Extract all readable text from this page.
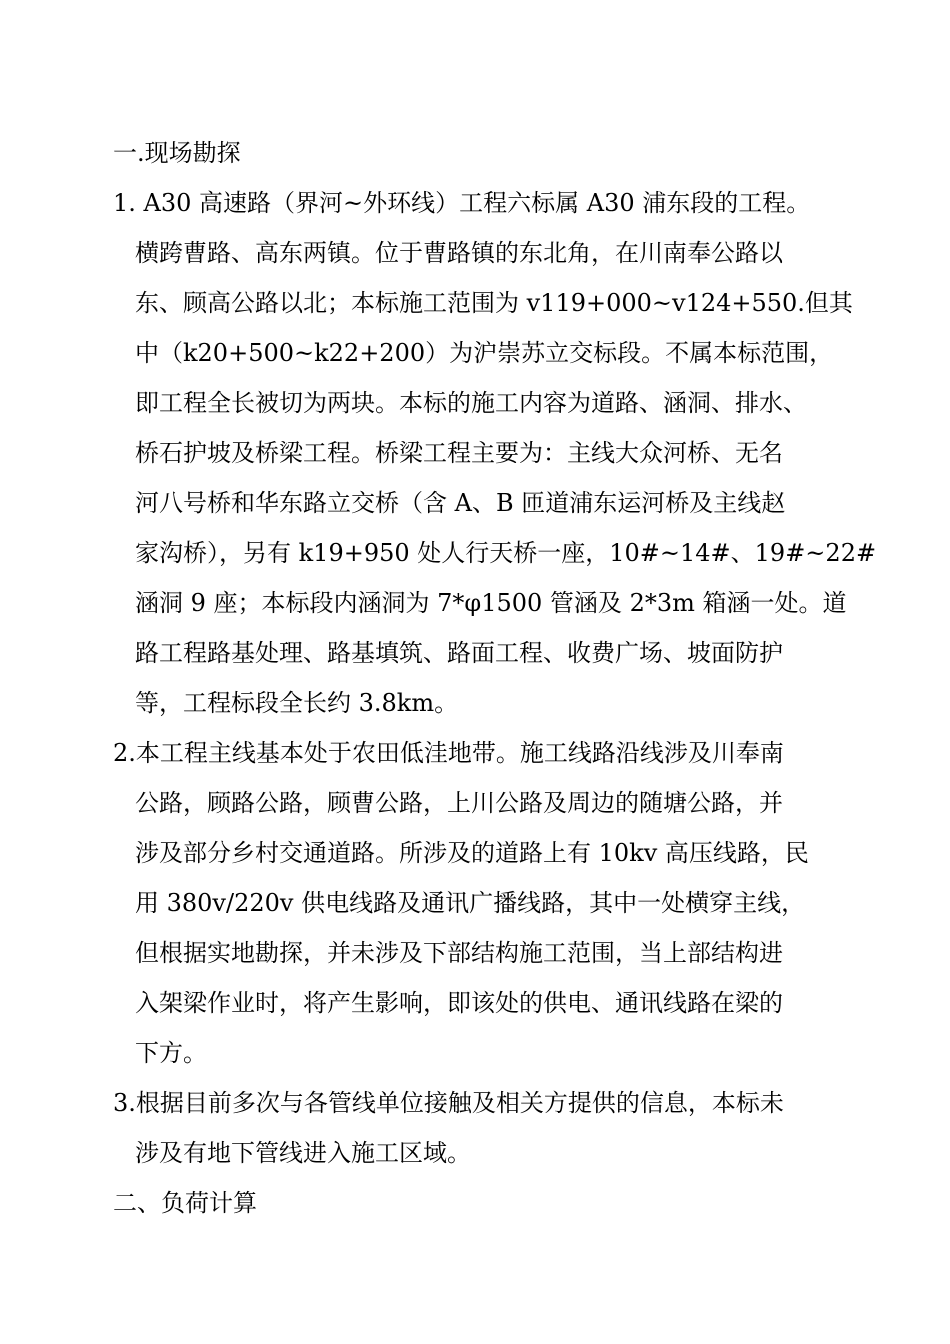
一.现场勘探
1. A30 高速路（界河~外环线）工程六标属 A30 浦东段的工程。
横跨曹路、高东两镇。位于曹路镇的东北角，在川南奉公路以
东、顾高公路以北；本标施工范围为 v119+000~v124+550.但其
中（k20+500~k22+200）为沪崇苏立交标段。不属本标范围，
即工程全长被切为两块。本标的施工内容为道路、涵洞、排水、
桥石护坡及桥梁工程。桥梁工程主要为：主线大众河桥、无名
河八号桥和华东路立交桥（含 A、B 匝道浦东运河桥及主线赵
家沟桥），另有 k19+950 处人行天桥一座，10#~14#、19#~22#
涵洞 9 座；本标段内涵洞为 7*φ1500 管涵及 2*3m 箱涵一处。道
路工程路基处理、路基填筑、路面工程、收费广场、坡面防护
等，工程标段全长约 3.8km。
2.本工程主线基本处于农田低洼地带。施工线路沿线涉及川奉南
公路，顾路公路，顾曹公路，上川公路及周边的随塘公路，并
涉及部分乡村交通道路。所涉及的道路上有 10kv 高压线路，民
用 380v/220v 供电线路及通讯广播线路，其中一处横穿主线，
但根据实地勘探，并未涉及下部结构施工范围，当上部结构进
入架梁作业时，将产生影响，即该处的供电、通讯线路在梁的
下方。
3.根据目前多次与各管线单位接触及相关方提供的信息，本标未
涉及有地下管线进入施工区域。
二、负荷计算
